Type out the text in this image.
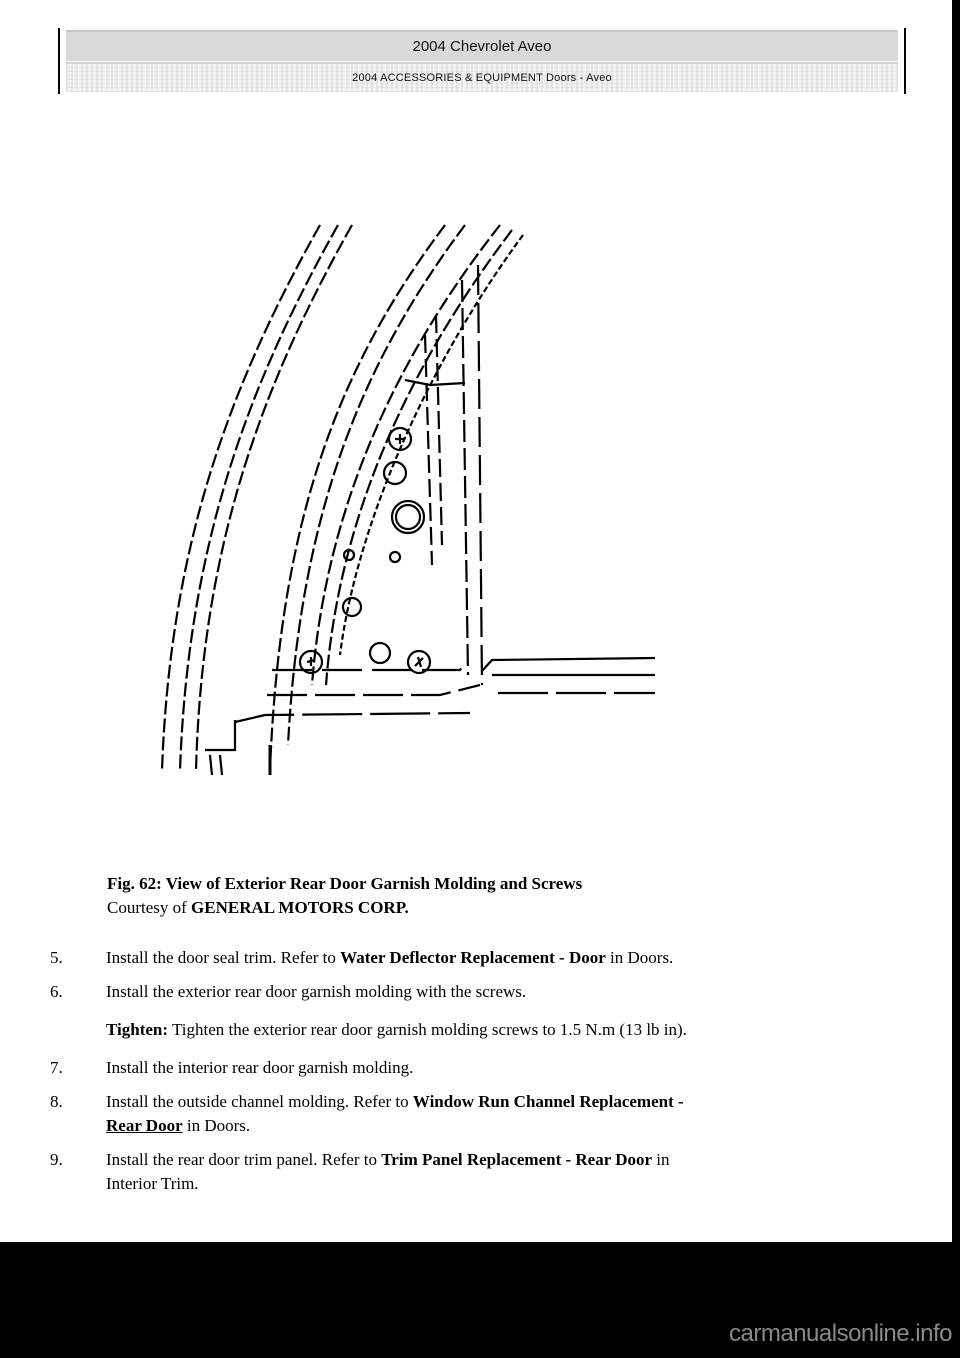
2004 Chevrolet Aveo
2004 ACCESSORIES & EQUIPMENT Doors - Aveo
Fig. 62: View of Exterior Rear Door Garnish Molding and Screws
Courtesy of GENERAL MOTORS CORP.
5.	Install the door seal trim. Refer to Water Deflector Replacement - Door in Doors.
6.	Install the exterior rear door garnish molding with the screws.
Tighten: Tighten the exterior rear door garnish molding screws to 1.5 N.m (13 lb in).
7.	Install the interior rear door garnish molding.
8.	Install the outside channel molding. Refer to Window Run Channel Replacement -
Rear Door in Doors.
9.	Install the rear door trim panel. Refer to Trim Panel Replacement - Rear Door in
Interior Trim.
carmanualsonline.info
